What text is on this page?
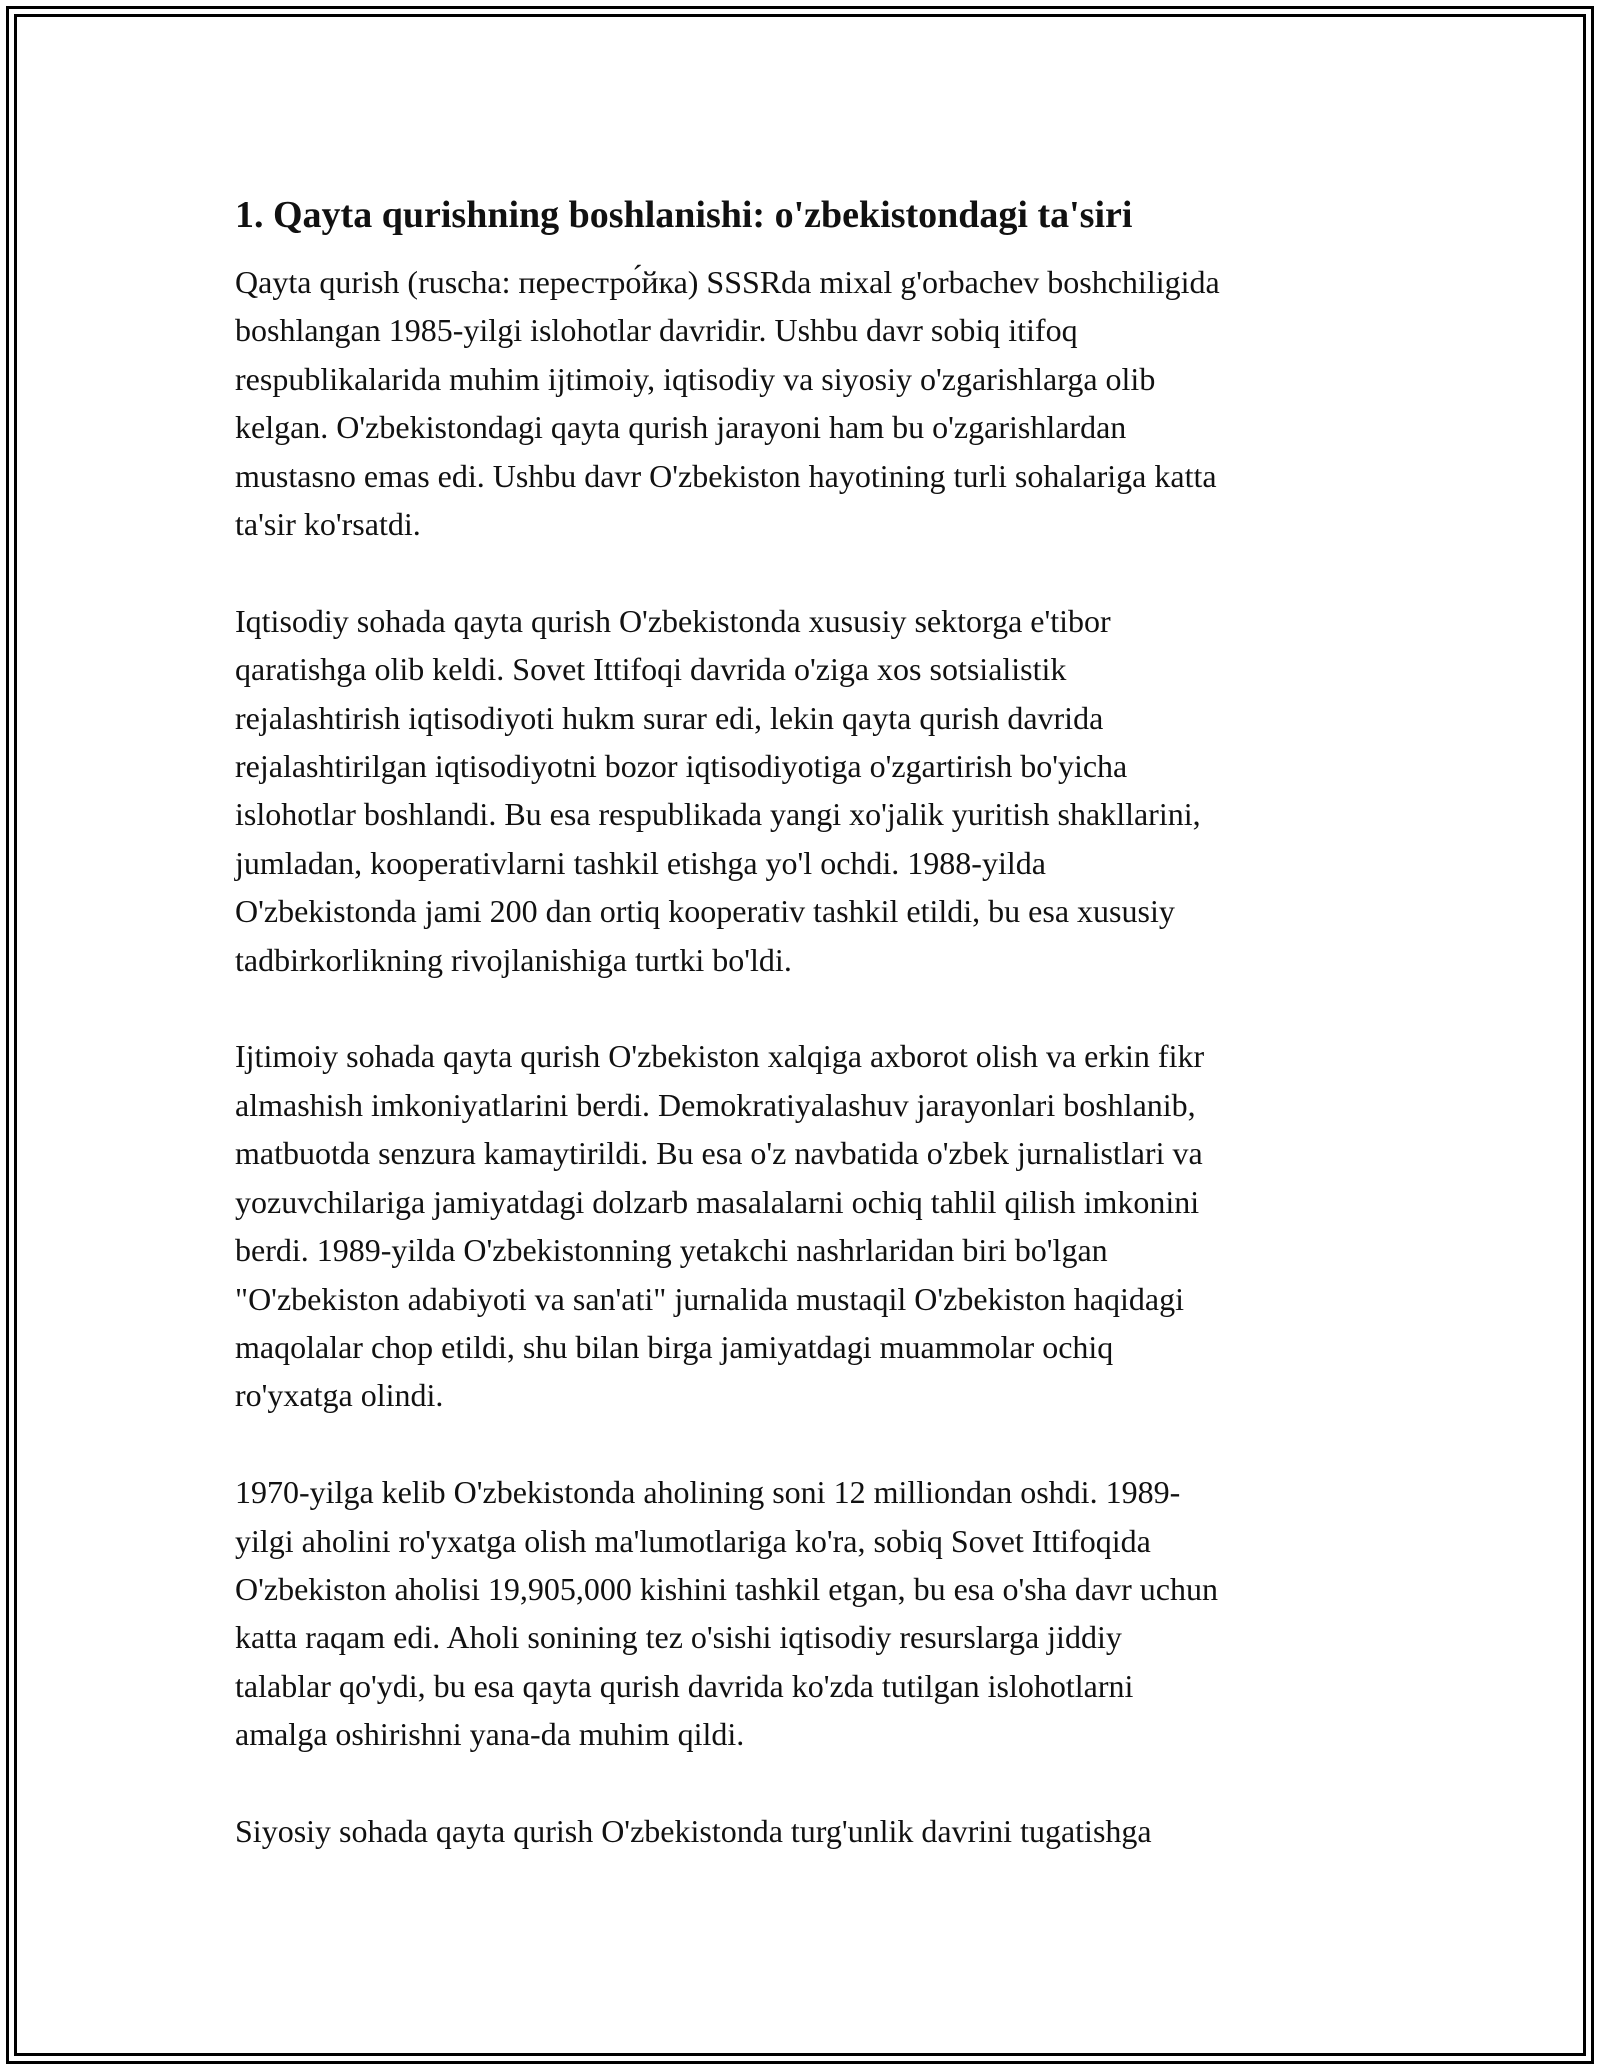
1. Qayta qurishning boshlanishi: o'zbekistondagi ta'siri
Qayta qurish (ruscha: перестро́йка) SSSRda mixal g'orbachev boshchiligida
boshlangan 1985-yilgi islohotlar davridir. Ushbu davr sobiq itifoq
respublikalarida muhim ijtimoiy, iqtisodiy va siyosiy o'zgarishlarga olib
kelgan. O'zbekistondagi qayta qurish jarayoni ham bu o'zgarishlardan
mustasno emas edi. Ushbu davr O'zbekiston hayotining turli sohalariga katta
ta'sir ko'rsatdi.
Iqtisodiy sohada qayta qurish O'zbekistonda xususiy sektorga e'tibor
qaratishga olib keldi. Sovet Ittifoqi davrida o'ziga xos sotsialistik
rejalashtirish iqtisodiyoti hukm surar edi, lekin qayta qurish davrida
rejalashtirilgan iqtisodiyotni bozor iqtisodiyotiga o'zgartirish bo'yicha
islohotlar boshlandi. Bu esa respublikada yangi xo'jalik yuritish shakllarini,
jumladan, kooperativlarni tashkil etishga yo'l ochdi. 1988-yilda
O'zbekistonda jami 200 dan ortiq kooperativ tashkil etildi, bu esa xususiy
tadbirkorlikning rivojlanishiga turtki bo'ldi.
Ijtimoiy sohada qayta qurish O'zbekiston xalqiga axborot olish va erkin fikr
almashish imkoniyatlarini berdi. Demokratiyalashuv jarayonlari boshlanib,
matbuotda senzura kamaytirildi. Bu esa o'z navbatida o'zbek jurnalistlari va
yozuvchilariga jamiyatdagi dolzarb masalalarni ochiq tahlil qilish imkonini
berdi. 1989-yilda O'zbekistonning yetakchi nashrlaridan biri bo'lgan
"O'zbekiston adabiyoti va san'ati" jurnalida mustaqil O'zbekiston haqidagi
maqolalar chop etildi, shu bilan birga jamiyatdagi muammolar ochiq
ro'yxatga olindi.
1970-yilga kelib O'zbekistonda aholining soni 12 milliondan oshdi. 1989-
yilgi aholini ro'yxatga olish ma'lumotlariga ko'ra, sobiq Sovet Ittifoqida
O'zbekiston aholisi 19,905,000 kishini tashkil etgan, bu esa o'sha davr uchun
katta raqam edi. Aholi sonining tez o'sishi iqtisodiy resurslarga jiddiy
talablar qo'ydi, bu esa qayta qurish davrida ko'zda tutilgan islohotlarni
amalga oshirishni yana-da muhim qildi.
Siyosiy sohada qayta qurish O'zbekistonda turg'unlik davrini tugatishga
